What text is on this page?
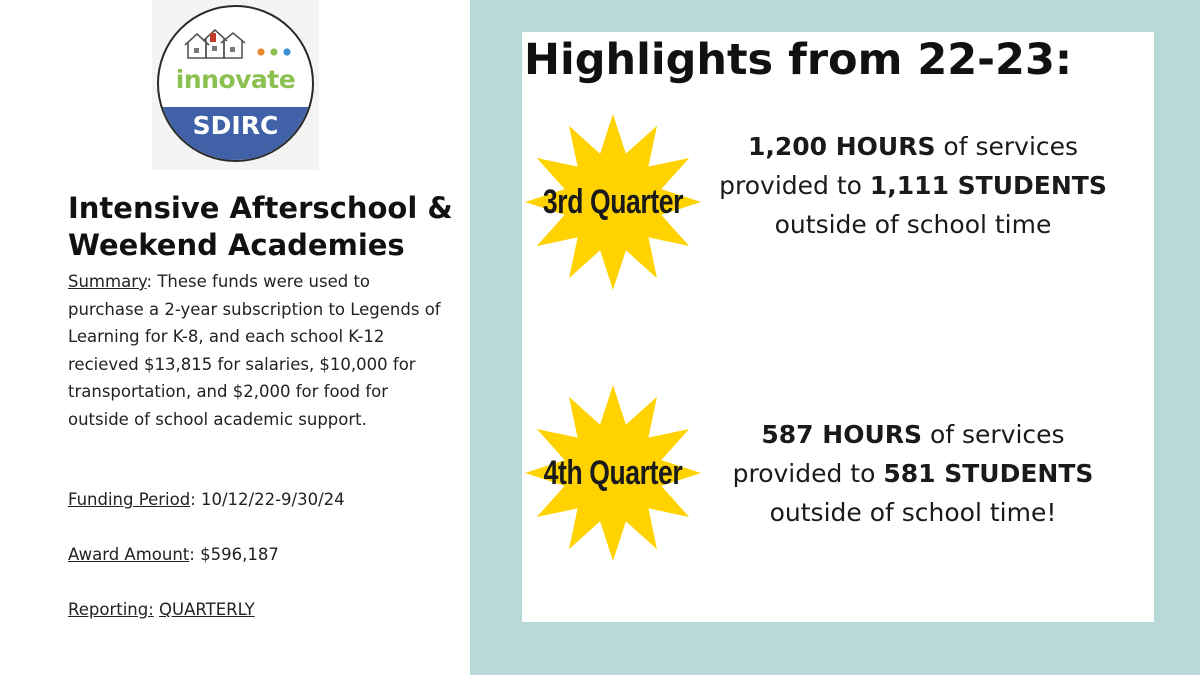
innovate
SDIRC
Intensive Afterschool & Weekend Academies
Summary: These funds were used to purchase a 2-year subscription to Legends of Learning for K-8, and each school K-12 recieved $13,815 for salaries, $10,000 for transportation, and $2,000 for food for outside of school academic support.
Funding Period: 10/12/22-9/30/24
Award Amount: $596,187
Reporting: QUARTERLY
Highlights from 22-23:
3rd Quarter
1,200 HOURS of services
provided to 1,111 STUDENTS
outside of school time
4th Quarter
587 HOURS of services
provided to 581 STUDENTS
outside of school time!
